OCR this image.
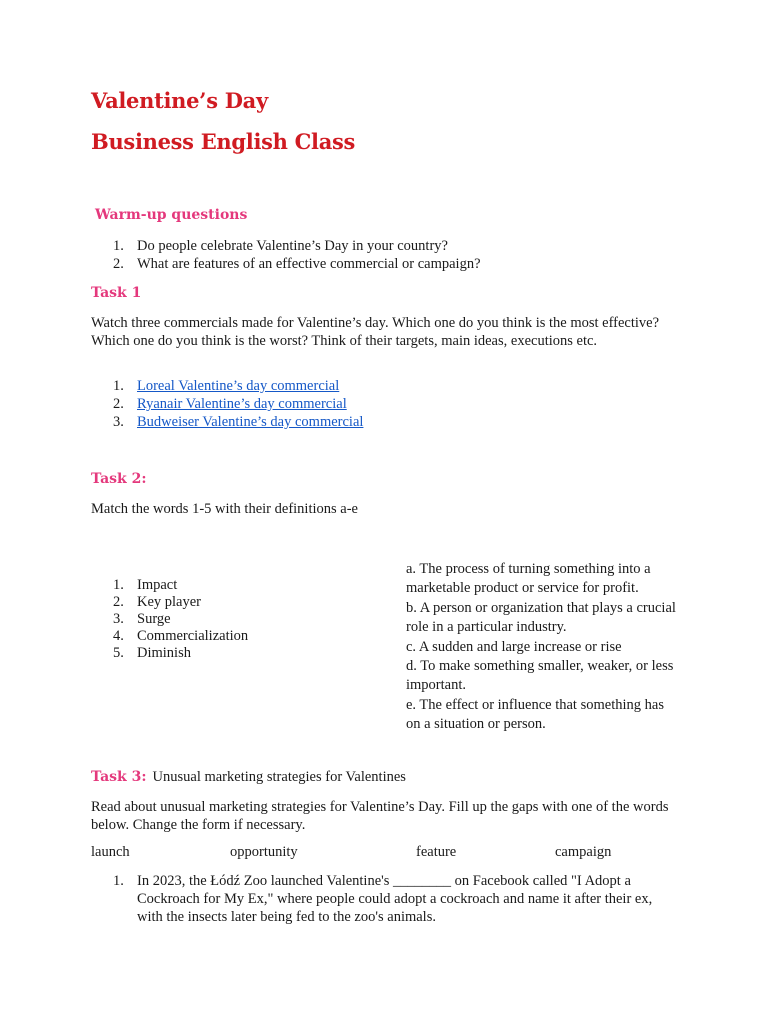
Valentine’s Day
Business English Class
Warm-up questions
1. Do people celebrate Valentine’s Day in your country?
2. What are features of an effective commercial or campaign?
Task 1
Watch three commercials made for Valentine’s day. Which one do you think is the most effective? Which one do you think is the worst? Think of their targets, main ideas, executions etc.
1. Loreal Valentine’s day commercial
2. Ryanair Valentine’s day commercial
3. Budweiser Valentine’s day commercial
Task 2:
Match the words 1-5 with their definitions a-e
1. Impact
2. Key player
3. Surge
4. Commercialization
5. Diminish
a. The process of turning something into a marketable product or service for profit.
b. A person or organization that plays a crucial role in a particular industry.
c. A sudden and large increase or rise
d. To make something smaller, weaker, or less important.
e. The effect or influence that something has on a situation or person.
Task 3: Unusual marketing strategies for Valentines
Read about unusual marketing strategies for Valentine’s Day. Fill up the gaps with one of the words below. Change the form if necessary.
launch	opportunity	feature	campaign
1. In 2023, the Łódź Zoo launched Valentine's ________ on Facebook called "I Adopt a Cockroach for My Ex," where people could adopt a cockroach and name it after their ex, with the insects later being fed to the zoo's animals.
